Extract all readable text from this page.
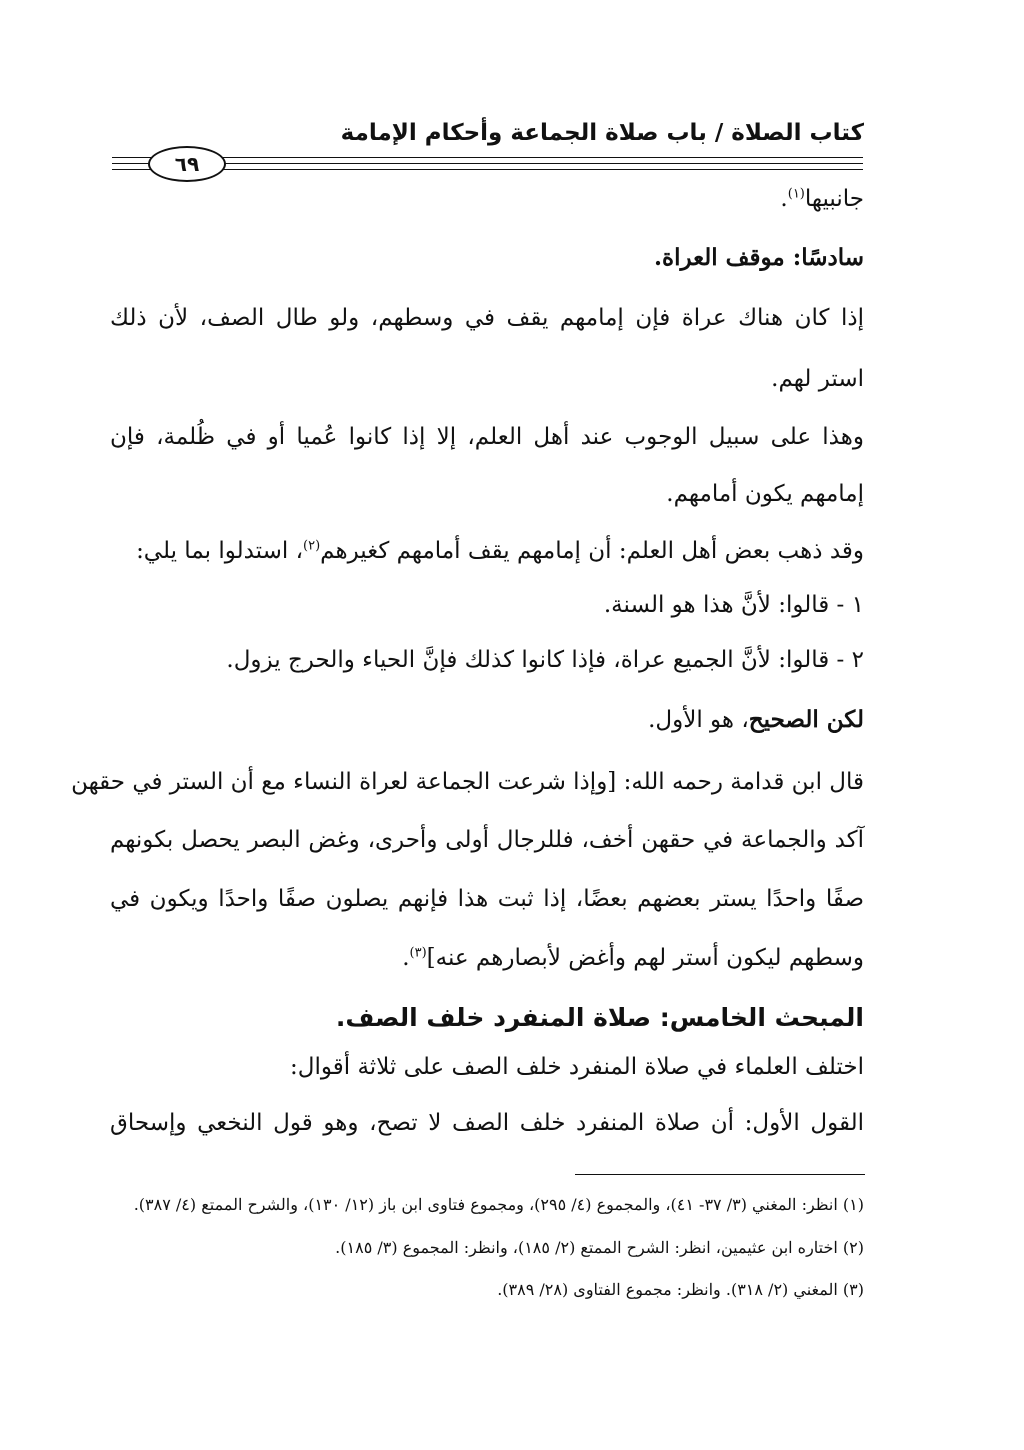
كتاب الصلاة / باب صلاة الجماعة وأحكام الإمامة
٦٩
جانبيها$^{(١)}$.
سادسًا: موقف العراة.
إذا كان هناك عراة فإن إمامهم يقف في وسطهم، ولو طال الصف، لأن ذلك
استر لهم.
وهذا على سبيل الوجوب عند أهل العلم، إلا إذا كانوا عُميا أو في ظُلمة، فإن
إمامهم يكون أمامهم.
وقد ذهب بعض أهل العلم: أن إمامهم يقف أمامهم كغيرهم$^{(٢)}$، استدلوا بما يلي:
١ - قالوا: لأنَّ هذا هو السنة.
٢ - قالوا: لأنَّ الجميع عراة، فإذا كانوا كذلك فإنَّ الحياء والحرج يزول.
لكن الصحيح، هو الأول.
قال ابن قدامة رحمه الله: [وإذا شرعت الجماعة لعراة النساء مع أن الستر في حقهن
آكد والجماعة في حقهن أخف، فللرجال أولى وأحرى، وغض البصر يحصل بكونهم
صفًا واحدًا يستر بعضهم بعضًا، إذا ثبت هذا فإنهم يصلون صفًا واحدًا ويكون في
وسطهم ليكون أستر لهم وأغض لأبصارهم عنه]$^{(٣)}$.
المبحث الخامس: صلاة المنفرد خلف الصف.
اختلف العلماء في صلاة المنفرد خلف الصف على ثلاثة أقوال:
القول الأول: أن صلاة المنفرد خلف الصف لا تصح، وهو قول النخعي وإسحاق
(١) انظر: المغني (٣/ ٣٧- ٤١)، والمجموع (٤/ ٢٩٥)، ومجموع فتاوى ابن باز (١٢/ ١٣٠)، والشرح الممتع (٤/ ٣٨٧).
(٢) اختاره ابن عثيمين، انظر: الشرح الممتع (٢/ ١٨٥)، وانظر: المجموع (٣/ ١٨٥).
(٣) المغني (٢/ ٣١٨). وانظر: مجموع الفتاوى (٢٨/ ٣٨٩).
